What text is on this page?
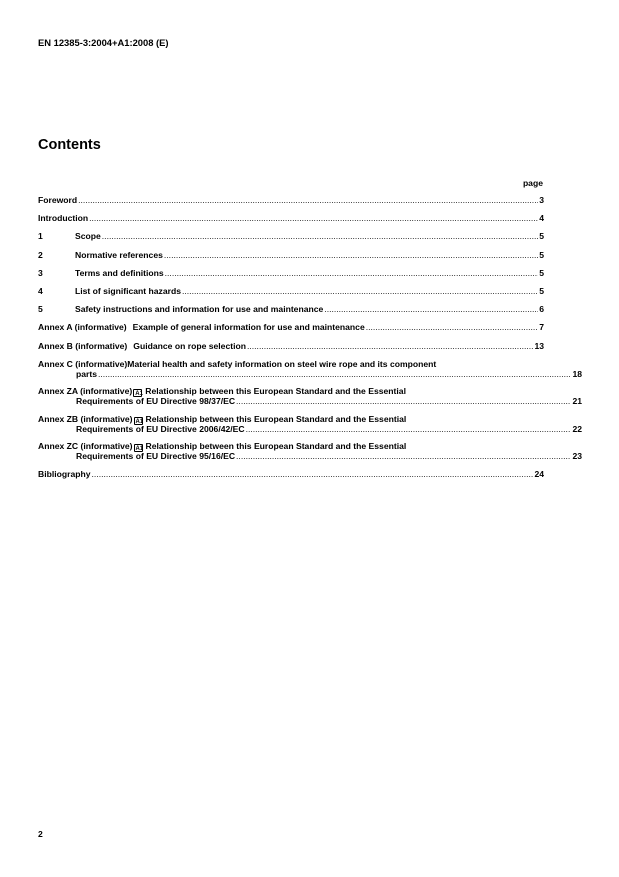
EN 12385-3:2004+A1:2008 (E)
Contents
page
Foreword .....	3
Introduction .....	4
1	Scope .....	5
2	Normative references .....	5
3	Terms and definitions .....	5
4	List of significant hazards .....	5
5	Safety instructions and information for use and maintenance .....	6
Annex A (informative) Example of general information for use and maintenance .....	7
Annex B (informative) Guidance on rope selection .....	13
Annex C (informative)Material health and safety information on steel wire rope and its component
parts .....	18
Annex ZA (informative) A1 Relationship between this European Standard and the Essential
Requirements of EU Directive 98/37/EC .....	21
Annex ZB (informative) A1 Relationship between this European Standard and the Essential
Requirements of EU Directive 2006/42/EC .....	22
Annex ZC (informative) A1 Relationship between this European Standard and the Essential
Requirements of EU Directive 95/16/EC .....	23
Bibliography .....	24
2
